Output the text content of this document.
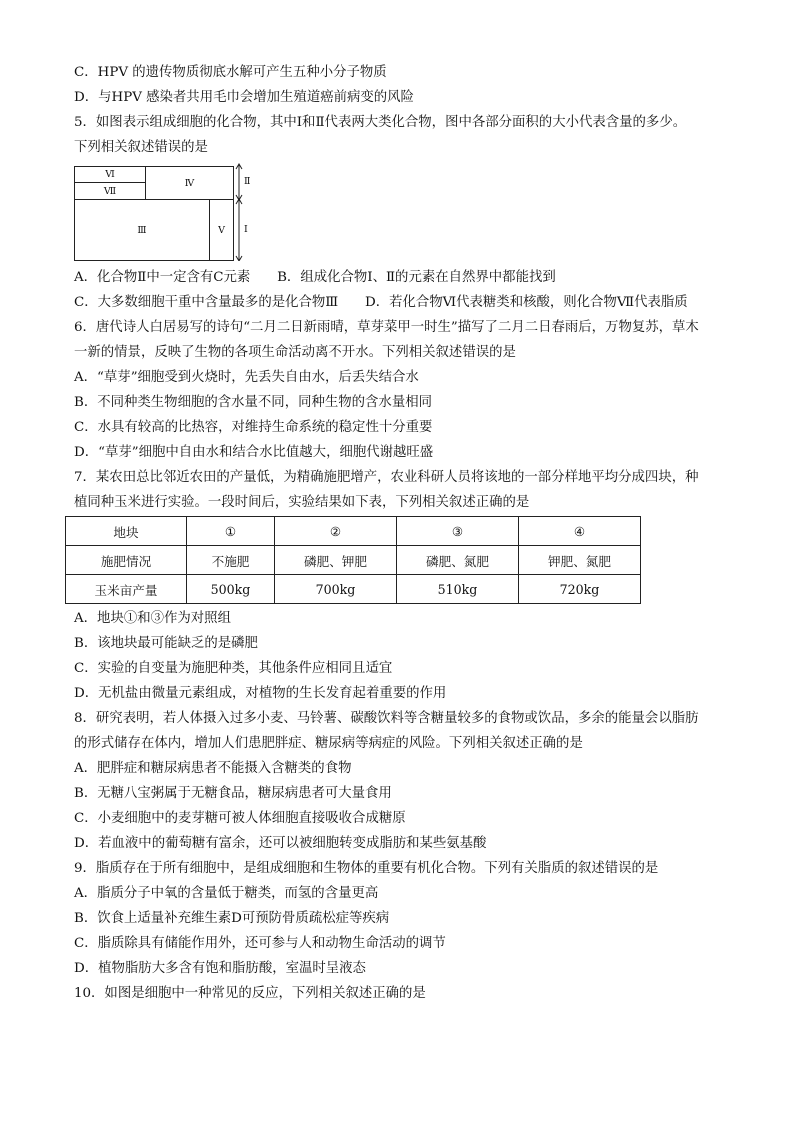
C．HPV 的遗传物质彻底水解可产生五种小分子物质
D．与HPV 感染者共用毛巾会增加生殖道癌前病变的风险
5．如图表示组成细胞的化合物，其中Ⅰ和Ⅱ代表两大类化合物，图中各部分面积的大小代表含量的多少。
下列相关叙述错误的是
Ⅵ
Ⅶ
Ⅳ
Ⅲ	Ⅴ
Ⅱ
Ⅰ
A．化合物Ⅱ中一定含有C元素　　B．组成化合物Ⅰ、Ⅱ的元素在自然界中都能找到
C．大多数细胞干重中含量最多的是化合物Ⅲ　　D．若化合物Ⅵ代表糖类和核酸，则化合物Ⅶ代表脂质
6．唐代诗人白居易写的诗句“二月二日新雨晴，草芽菜甲一时生”描写了二月二日春雨后，万物复苏，草木
一新的情景，反映了生物的各项生命活动离不开水。下列相关叙述错误的是
A．“草芽”细胞受到火烧时，先丢失自由水，后丢失结合水
B．不同种类生物细胞的含水量不同，同种生物的含水量相同
C．水具有较高的比热容，对维持生命系统的稳定性十分重要
D．“草芽”细胞中自由水和结合水比值越大，细胞代谢越旺盛
7．某农田总比邻近农田的产量低，为精确施肥增产，农业科研人员将该地的一部分样地平均分成四块，种
植同种玉米进行实验。一段时间后，实验结果如下表，下列相关叙述正确的是
地块	①	②	③	④
施肥情况	不施肥	磷肥、钾肥	磷肥、氮肥	钾肥、氮肥
玉米亩产量	500kg	700kg	510kg	720kg
A．地块①和③作为对照组
B．该地块最可能缺乏的是磷肥
C．实验的自变量为施肥种类，其他条件应相同且适宜
D．无机盐由微量元素组成，对植物的生长发育起着重要的作用
8．研究表明，若人体摄入过多小麦、马铃薯、碳酸饮料等含糖量较多的食物或饮品，多余的能量会以脂肪
的形式储存在体内，增加人们患肥胖症、糖尿病等病症的风险。下列相关叙述正确的是
A．肥胖症和糖尿病患者不能摄入含糖类的食物
B．无糖八宝粥属于无糖食品，糖尿病患者可大量食用
C．小麦细胞中的麦芽糖可被人体细胞直接吸收合成糖原
D．若血液中的葡萄糖有富余，还可以被细胞转变成脂肪和某些氨基酸
9．脂质存在于所有细胞中，是组成细胞和生物体的重要有机化合物。下列有关脂质的叙述错误的是
A．脂质分子中氧的含量低于糖类，而氢的含量更高
B．饮食上适量补充维生素D可预防骨质疏松症等疾病
C．脂质除具有储能作用外，还可参与人和动物生命活动的调节
D．植物脂肪大多含有饱和脂肪酸，室温时呈液态
10．如图是细胞中一种常见的反应，下列相关叙述正确的是
